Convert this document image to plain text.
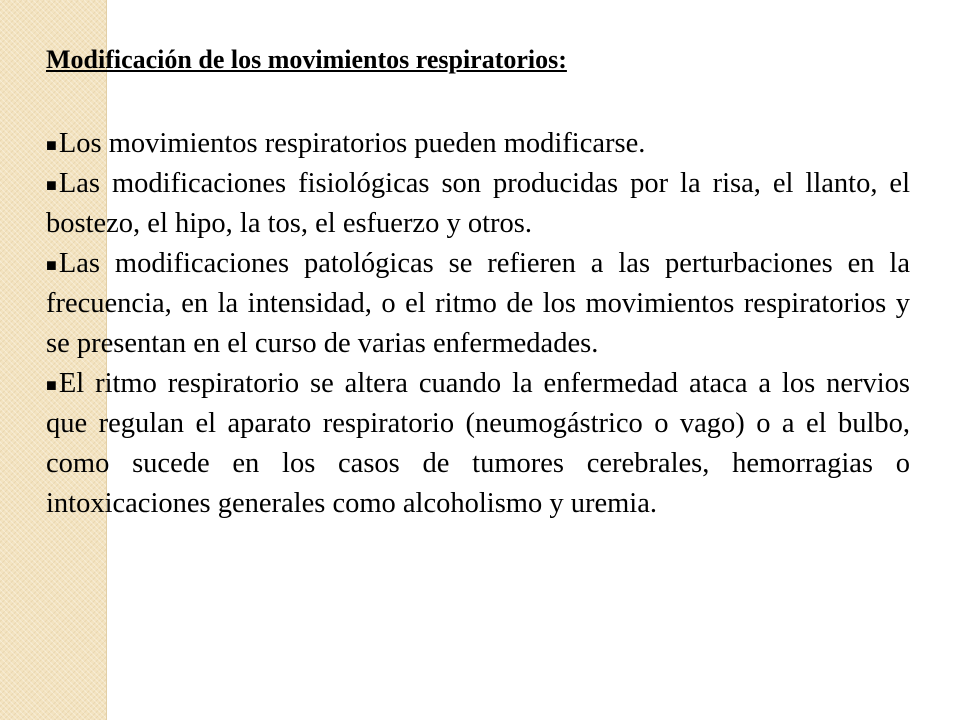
Modificación de los movimientos respiratorios:
■Los movimientos respiratorios pueden modificarse.
■Las modificaciones fisiológicas son producidas por la risa, el llanto, el bostezo, el hipo, la tos, el esfuerzo y otros.
■Las modificaciones patológicas se refieren a las perturbaciones en la frecuencia, en la intensidad, o el ritmo de los movimientos respiratorios y se presentan en el curso de varias enfermedades.
■El ritmo respiratorio se altera cuando la enfermedad ataca a los nervios que regulan el aparato respiratorio (neumogástrico o vago) o a el bulbo, como sucede en los casos de tumores cerebrales, hemorragias o intoxicaciones generales como alcoholismo y uremia.
